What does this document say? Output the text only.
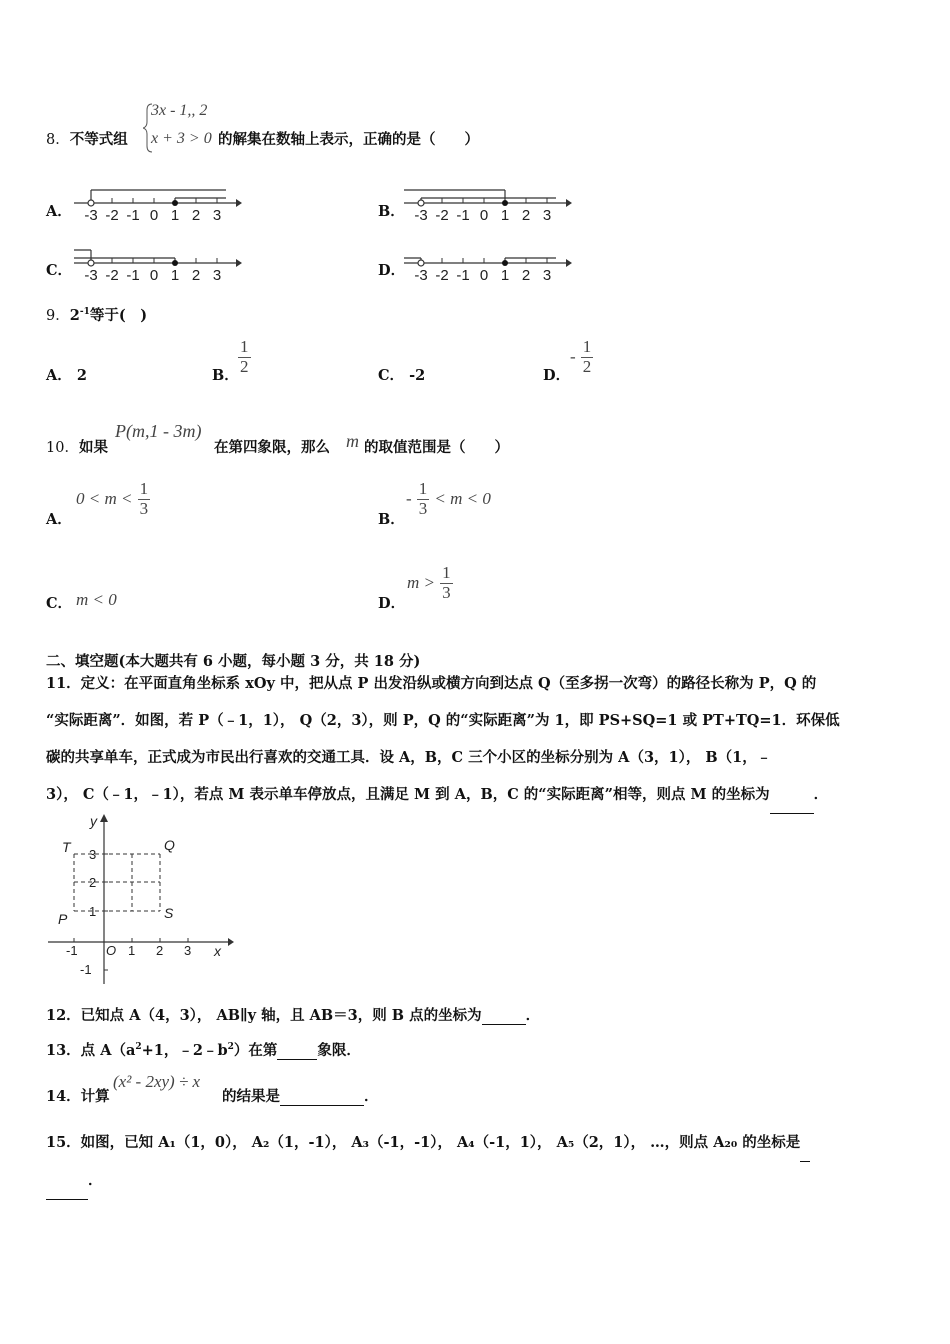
8．不等式组
3x - 1,, 2
x + 3 > 0 的解集在数轴上表示，正确的是（　　）
A．	B．
C．	D．
-3 -2 -1 0 1 2 3	-3 -2 -1 0 1 2 3
-3 -2 -1 0 1 2 3	-3 -2 -1 0 1 2 3
9．$2^{-1}$等于(　)
A． 2	B． $\frac{1}{2}$	C． -2	D．
- $\frac{1}{2}$
10．如果
P(m,1 - 3m)
在第四象限，那么 m 的取值范围是（　　）
A．
$0 < m < \frac{1}{3}$
B．
- $\frac{1}{3} < m < 0$
C． m < 0	D．
$m > \frac{1}{3}$
二、填空题(本大题共有 6 小题，每小题 3 分，共 18 分)
11．定义：在平面直角坐标系 xOy 中，把从点 P 出发沿纵或横方向到达点 Q（至多拐一次弯）的路径长称为 P，Q 的
“实际距离”．如图，若 P（﹣1，1）， Q（2，3），则 P，Q 的“实际距离”为 1，即 PS+SQ=1 或 PT+TQ=1．环保低
碳的共享单车，正式成为市民出行喜欢的交通工具．设 A，B，C 三个小区的坐标分别为 A（3，1）， B（1，﹣
3）， C（﹣1，﹣1），若点 M 表示单车停放点，且满足 M 到 A，B，C 的“实际距离”相等，则点 M 的坐标为	．
-1 O 1 2 3 x
3
2
1
-1
y
T	Q
P	S
12．已知点 A（4，3）， AB∥y 轴，且 AB＝3，则 B 点的坐标为	．
13．点 $A(a^2+1$，$﹣2﹣b^2$）在第	象限．
14．计算
(x² - 2xy) ÷ x
的结果是	．
15．如图，已知 A₁（1，0）， A₂（1，-1）， A₃（-1，-1）， A₄（-1，1）， A₅（2，1）， …，则点 A₂₀ 的坐标是
．
